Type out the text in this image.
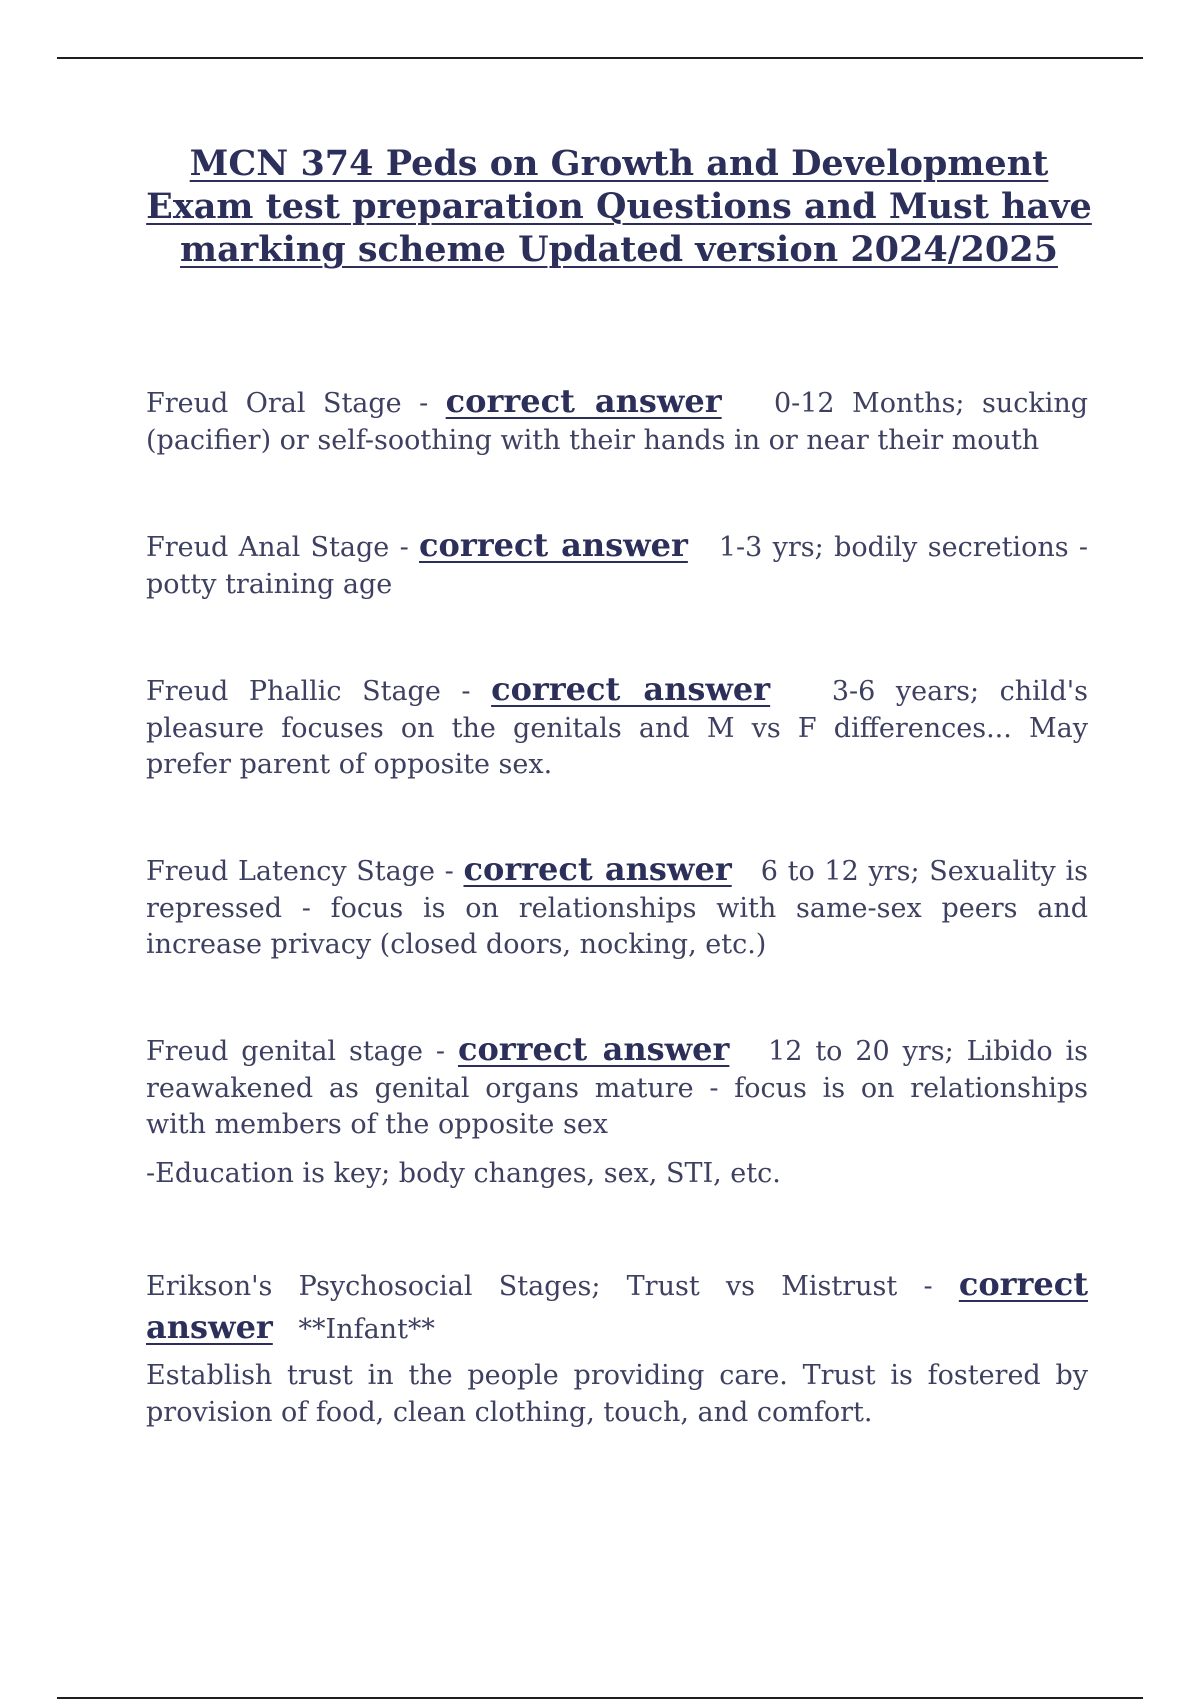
MCN 374 Peds on Growth and Development Exam test preparation Questions and Must have marking scheme Updated version 2024/2025

Freud Oral Stage - correct answer 0-12 Months; sucking (pacifier) or self-soothing with their hands in or near their mouth

Freud Anal Stage - correct answer 1-3 yrs; bodily secretions - potty training age

Freud Phallic Stage - correct answer 3-6 years; child's pleasure focuses on the genitals and M vs F differences... May prefer parent of opposite sex.

Freud Latency Stage - correct answer 6 to 12 yrs; Sexuality is repressed - focus is on relationships with same-sex peers and increase privacy (closed doors, nocking, etc.)

Freud genital stage - correct answer 12 to 20 yrs; Libido is reawakened as genital organs mature - focus is on relationships with members of the opposite sex

-Education is key; body changes, sex, STI, etc.

Erikson's Psychosocial Stages; Trust vs Mistrust - correct answer **Infant**

Establish trust in the people providing care. Trust is fostered by provision of food, clean clothing, touch, and comfort.
